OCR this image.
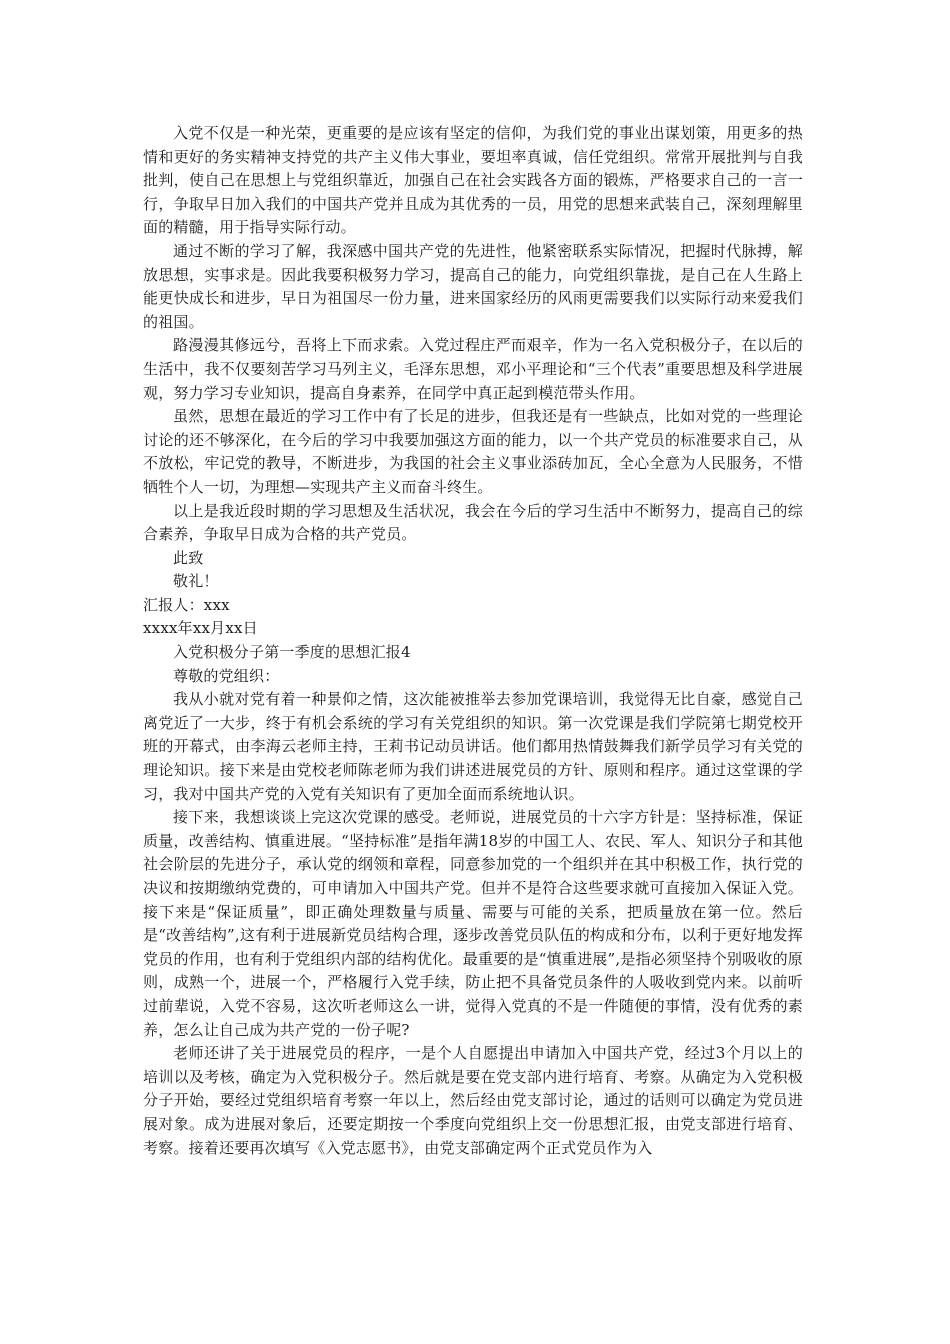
入党不仅是一种光荣，更重要的是应该有坚定的信仰，为我们党的事业出谋划策，用更多的热情和更好的务实精神支持党的共产主义伟大事业，要坦率真诚，信任党组织。常常开展批判与自我批判，使自己在思想上与党组织靠近，加强自己在社会实践各方面的锻炼，严格要求自己的一言一行，争取早日加入我们的中国共产党并且成为其优秀的一员，用党的思想来武装自己，深刻理解里面的精髓，用于指导实际行动。

通过不断的学习了解，我深感中国共产党的先进性，他紧密联系实际情况，把握时代脉搏，解放思想，实事求是。因此我要积极努力学习，提高自己的能力，向党组织靠拢，是自己在人生路上能更快成长和进步，早日为祖国尽一份力量，进来国家经历的风雨更需要我们以实际行动来爱我们的祖国。

路漫漫其修远兮，吾将上下而求索。入党过程庄严而艰辛，作为一名入党积极分子，在以后的生活中，我不仅要刻苦学习马列主义，毛泽东思想，邓小平理论和“三个代表”重要思想及科学进展观，努力学习专业知识，提高自身素养，在同学中真正起到模范带头作用。

虽然，思想在最近的学习工作中有了长足的进步，但我还是有一些缺点，比如对党的一些理论讨论的还不够深化，在今后的学习中我要加强这方面的能力，以一个共产党员的标准要求自己，从不放松，牢记党的教导，不断进步，为我国的社会主义事业添砖加瓦，全心全意为人民服务，不惜牺牲个人一切，为理想—实现共产主义而奋斗终生。

以上是我近段时期的学习思想及生活状况，我会在今后的学习生活中不断努力，提高自己的综合素养，争取早日成为合格的共产党员。

此致

敬礼！

汇报人：xxx

xxxx年xx月xx日

入党积极分子第一季度的思想汇报4

尊敬的党组织：

我从小就对党有着一种景仰之情，这次能被推举去参加党课培训，我觉得无比自豪，感觉自己离党近了一大步，终于有机会系统的学习有关党组织的知识。第一次党课是我们学院第七期党校开班的开幕式，由李海云老师主持，王莉书记动员讲话。他们都用热情鼓舞我们新学员学习有关党的理论知识。接下来是由党校老师陈老师为我们讲述进展党员的方针、原则和程序。通过这堂课的学习，我对中国共产党的入党有关知识有了更加全面而系统地认识。

接下来，我想谈谈上完这次党课的感受。老师说，进展党员的十六字方针是：坚持标准，保证质量，改善结构、慎重进展。“坚持标准”是指年满18岁的中国工人、农民、军人、知识分子和其他社会阶层的先进分子，承认党的纲领和章程，同意参加党的一个组织并在其中积极工作，执行党的决议和按期缴纳党费的，可申请加入中国共产党。但并不是符合这些要求就可直接加入保证入党。接下来是“保证质量”，即正确处理数量与质量、需要与可能的关系，把质量放在第一位。然后是“改善结构”,这有利于进展新党员结构合理，逐步改善党员队伍的构成和分布，以利于更好地发挥党员的作用，也有利于党组织内部的结构优化。最重要的是“慎重进展”,是指必须坚持个别吸收的原则，成熟一个，进展一个，严格履行入党手续，防止把不具备党员条件的人吸收到党内来。以前听过前辈说，入党不容易，这次听老师这么一讲，觉得入党真的不是一件随便的事情，没有优秀的素养，怎么让自己成为共产党的一份子呢?

老师还讲了关于进展党员的程序，一是个人自愿提出申请加入中国共产党，经过3个月以上的培训以及考核，确定为入党积极分子。然后就是要在党支部内进行培育、考察。从确定为入党积极分子开始，要经过党组织培育考察一年以上，然后经由党支部讨论，通过的话则可以确定为党员进展对象。成为进展对象后，还要定期按一个季度向党组织上交一份思想汇报，由党支部进行培育、考察。接着还要再次填写《入党志愿书》，由党支部确定两个正式党员作为入
